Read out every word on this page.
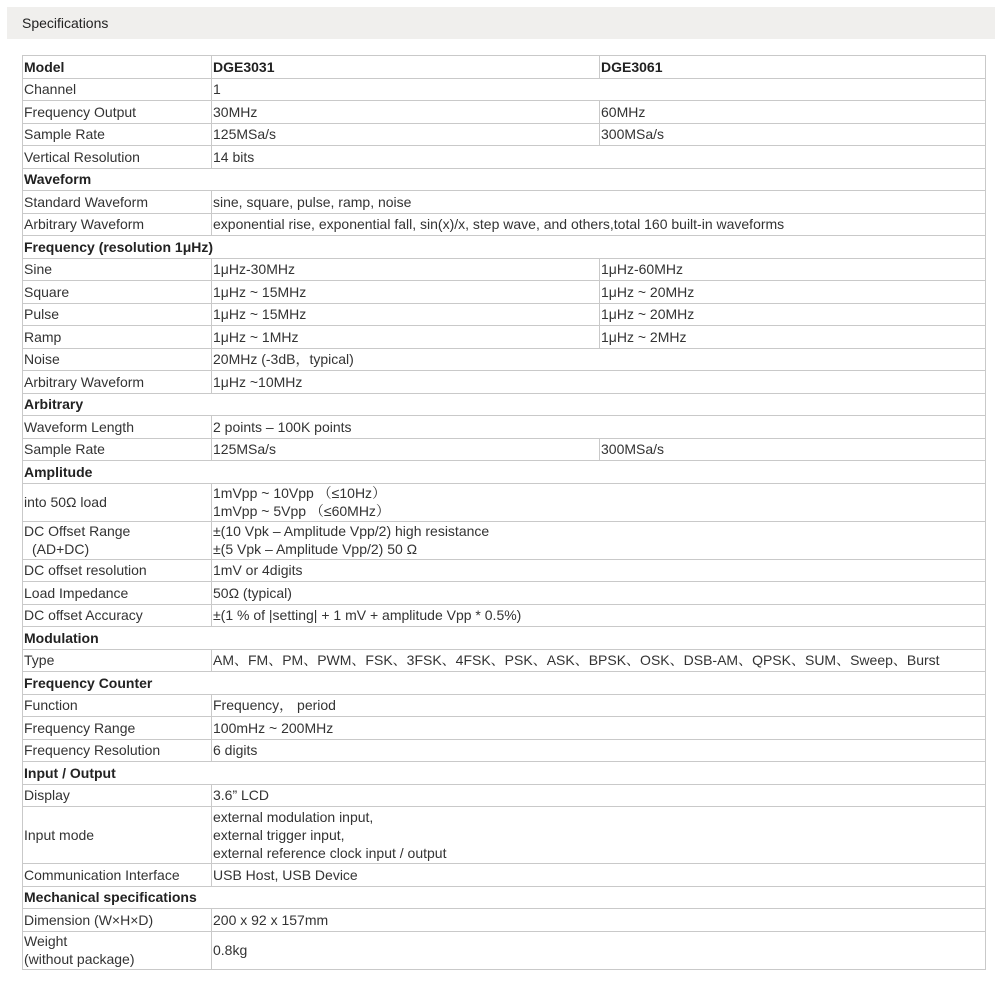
Specifications
Model	DGE3031	DGE3061
Channel	1	
Frequency Output	30MHz	60MHz
Sample Rate	125MSa/s	300MSa/s
Vertical Resolution	14 bits	
Waveform		
Standard Waveform	sine, square, pulse, ramp, noise	
Arbitrary Waveform	exponential rise, exponential fall, sin(x)/x, step wave, and others,total 160 built-in waveforms	
Frequency (resolution 1μHz)		
Sine	1μHz-30MHz	1μHz-60MHz
Square	1μHz ~ 15MHz	1μHz ~ 20MHz
Pulse	1μHz ~ 15MHz	1μHz ~ 20MHz
Ramp	1μHz ~ 1MHz	1μHz ~ 2MHz
Noise	20MHz (-3dB，typical)	
Arbitrary Waveform	1μHz ~10MHz	
Arbitrary		
Waveform Length	2 points – 100K points	
Sample Rate	125MSa/s	300MSa/s
Amplitude		
into 50Ω load	1mVpp ~ 10Vpp （≤10Hz）
1mVpp ~ 5Vpp （≤60MHz）	

DC Offset Range
(AD+DC)	±(10 Vpk – Amplitude Vpp/2) high resistance
±(5 Vpk – Amplitude Vpp/2) 50 Ω	

DC offset resolution	1mV or 4digits	
Load Impedance	50Ω (typical)	
DC offset Accuracy	±(1 % of |setting| + 1 mV + amplitude Vpp * 0.5%)	
Modulation		
Type	AM、FM、PM、PWM、FSK、3FSK、4FSK、PSK、ASK、BPSK、OSK、DSB-AM、QPSK、SUM、Sweep、Burst	
Frequency Counter		
Function	Frequency， period	
Frequency Range	100mHz ~ 200MHz	
Frequency Resolution	6 digits	
Input / Output		
Display	3.6” LCD	
Input mode	external modulation input,
external trigger input,
external reference clock input / output	

Communication Interface	USB Host, USB Device	
Mechanical specifications		
Dimension (W×H×D)	200 x 92 x 157mm	

Weight
(without package)	0.8kg	
